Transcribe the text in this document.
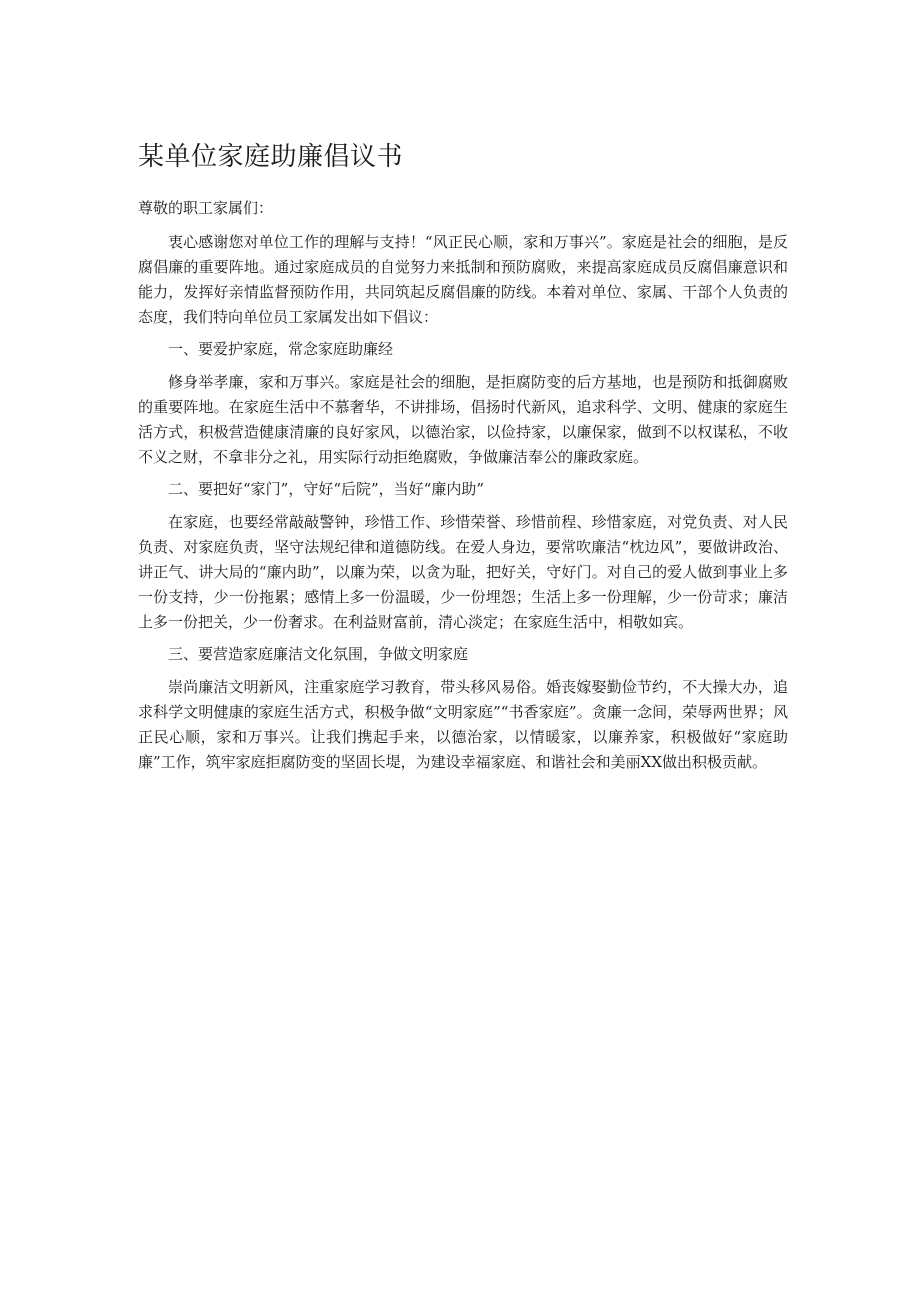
某单位家庭助廉倡议书

尊敬的职工家属们：

衷心感谢您对单位工作的理解与支持！“风正民心顺，家和万事兴”。家庭是社会的细胞，是反腐倡廉的重要阵地。通过家庭成员的自觉努力来抵制和预防腐败，来提高家庭成员反腐倡廉意识和能力，发挥好亲情监督预防作用，共同筑起反腐倡廉的防线。本着对单位、家属、干部个人负责的态度，我们特向单位员工家属发出如下倡议：

一、要爱护家庭，常念家庭助廉经

修身举孝廉，家和万事兴。家庭是社会的细胞，是拒腐防变的后方基地，也是预防和抵御腐败的重要阵地。在家庭生活中不慕奢华，不讲排场，倡扬时代新风，追求科学、文明、健康的家庭生活方式，积极营造健康清廉的良好家风，以德治家，以俭持家，以廉保家，做到不以权谋私，不收不义之财，不拿非分之礼，用实际行动拒绝腐败，争做廉洁奉公的廉政家庭。

二、要把好“家门”，守好“后院”，当好“廉内助”

在家庭，也要经常敲敲警钟，珍惜工作、珍惜荣誉、珍惜前程、珍惜家庭，对党负责、对人民负责、对家庭负责，坚守法规纪律和道德防线。在爱人身边，要常吹廉洁“枕边风”，要做讲政治、讲正气、讲大局的“廉内助”，以廉为荣，以贪为耻，把好关，守好门。对自己的爱人做到事业上多一份支持，少一份拖累；感情上多一份温暖，少一份埋怨；生活上多一份理解，少一份苛求；廉洁上多一份把关，少一份奢求。在利益财富前，清心淡定；在家庭生活中，相敬如宾。

三、要营造家庭廉洁文化氛围，争做文明家庭

崇尚廉洁文明新风，注重家庭学习教育，带头移风易俗。婚丧嫁娶勤俭节约，不大操大办，追求科学文明健康的家庭生活方式，积极争做“文明家庭”“书香家庭”。贪廉一念间，荣辱两世界；风正民心顺，家和万事兴。让我们携起手来，以德治家，以情暖家，以廉养家，积极做好“家庭助廉”工作，筑牢家庭拒腐防变的坚固长堤，为建设幸福家庭、和谐社会和美丽XX做出积极贡献。
